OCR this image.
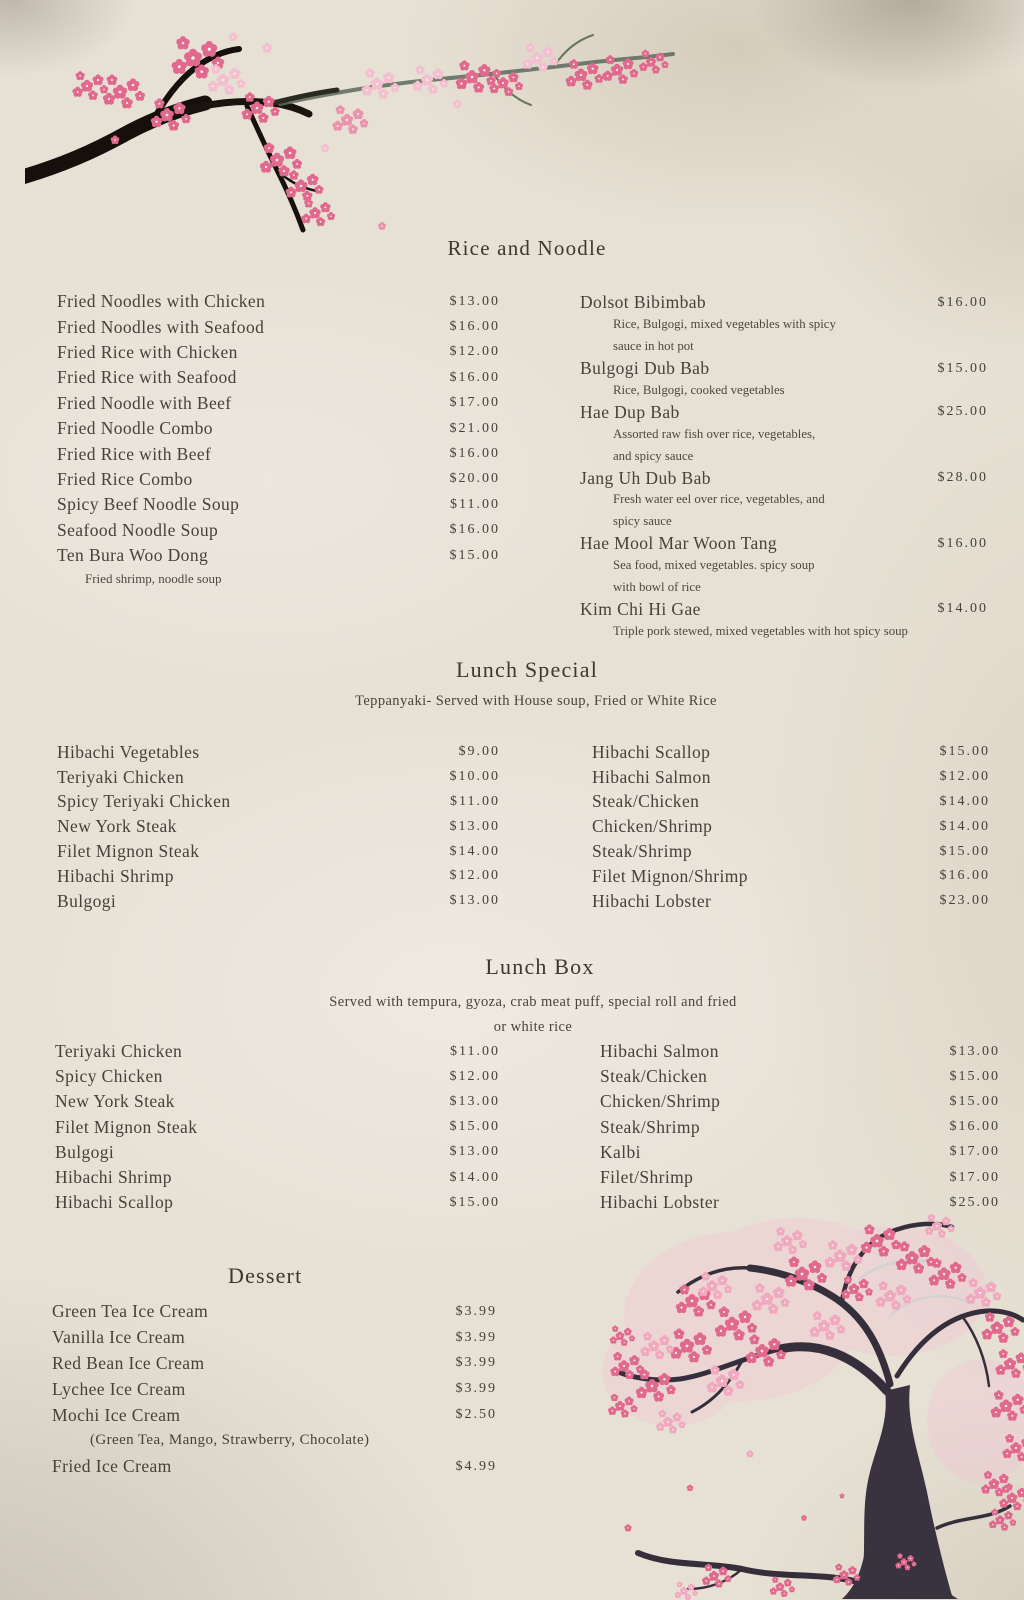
Rice and Noodle
Fried Noodles with Chicken	$13.00
Fried Noodles with Seafood	$16.00
Fried Rice with Chicken	$12.00
Fried Rice with Seafood	$16.00
Fried Noodle with Beef	$17.00
Fried Noodle Combo	$21.00
Fried Rice with Beef	$16.00
Fried Rice Combo	$20.00
Spicy Beef Noodle Soup	$11.00
Seafood Noodle Soup	$16.00
Ten Bura Woo Dong	$15.00
Fried shrimp, noodle soup
Dolsot Bibimbab	$16.00
Rice, Bulgogi, mixed vegetables with spicy
sauce in hot pot
Bulgogi Dub Bab	$15.00
Rice, Bulgogi, cooked vegetables
Hae Dup Bab	$25.00
Assorted raw fish over rice, vegetables,
and spicy sauce
Jang Uh Dub Bab	$28.00
Fresh water eel over rice, vegetables, and
spicy sauce
Hae Mool Mar Woon Tang	$16.00
Sea food, mixed vegetables. spicy soup
with bowl of rice
Kim Chi Hi Gae	$14.00
Triple pork stewed, mixed vegetables with hot spicy soup
Lunch Special
Teppanyaki- Served with House soup, Fried or White Rice
Hibachi Vegetables	$9.00
Teriyaki Chicken	$10.00
Spicy Teriyaki Chicken	$11.00
New York Steak	$13.00
Filet Mignon Steak	$14.00
Hibachi Shrimp	$12.00
Bulgogi	$13.00
Hibachi Scallop	$15.00
Hibachi Salmon	$12.00
Steak/Chicken	$14.00
Chicken/Shrimp	$14.00
Steak/Shrimp	$15.00
Filet Mignon/Shrimp	$16.00
Hibachi Lobster	$23.00
Lunch Box
Served with tempura, gyoza, crab meat puff, special roll and fried
or white rice
Teriyaki Chicken	$11.00
Spicy Chicken	$12.00
New York Steak	$13.00
Filet Mignon Steak	$15.00
Bulgogi	$13.00
Hibachi Shrimp	$14.00
Hibachi Scallop	$15.00
Hibachi Salmon	$13.00
Steak/Chicken	$15.00
Chicken/Shrimp	$15.00
Steak/Shrimp	$16.00
Kalbi	$17.00
Filet/Shrimp	$17.00
Hibachi Lobster	$25.00
Dessert
Green Tea Ice Cream	$3.99
Vanilla Ice Cream	$3.99
Red Bean Ice Cream	$3.99
Lychee Ice Cream	$3.99
Mochi Ice Cream	$2.50
(Green Tea, Mango, Strawberry, Chocolate)
Fried Ice Cream	$4.99
